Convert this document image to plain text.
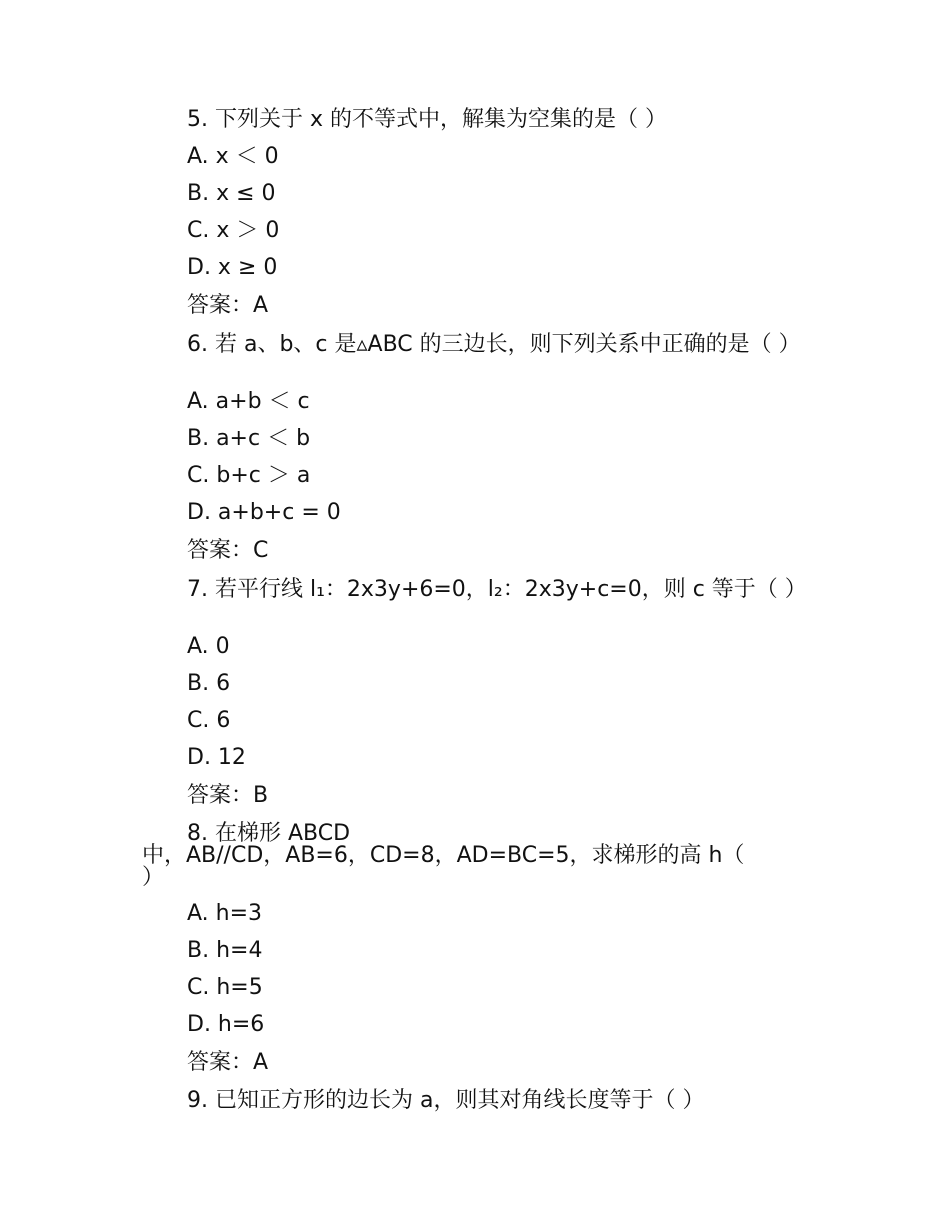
5. 下列关于 x 的不等式中，解集为空集的是（ ）
A. x ＜ 0
B. x ≤ 0
C. x ＞ 0
D. x ≥ 0
答案：A
6. 若 a、b、c 是▵ABC 的三边长，则下列关系中正确的是（ ）
A. a+b ＜ c
B. a+c ＜ b
C. b+c ＞ a
D. a+b+c = 0
答案：C
7. 若平行线 l₁：2x3y+6=0，l₂：2x3y+c=0，则 c 等于（ ）
A. 0
B. 6
C. 6
D. 12
答案：B
8. 在梯形 ABCD
中，AB//CD，AB=6，CD=8，AD=BC=5，求梯形的高 h（
）
A. h=3
B. h=4
C. h=5
D. h=6
答案：A
9. 已知正方形的边长为 a，则其对角线长度等于（ ）
